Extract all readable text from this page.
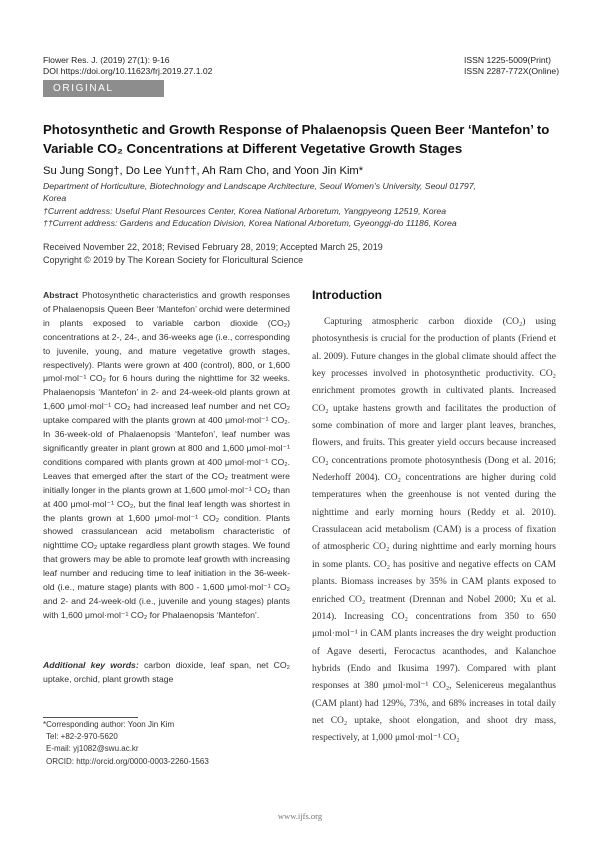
Flower Res. J. (2019) 27(1): 9-16
DOI https://doi.org/10.11623/frj.2019.27.1.02
ISSN 1225-5009(Print)
ISSN 2287-772X(Online)
ORIGINAL ARTICLE
Photosynthetic and Growth Response of Phalaenopsis Queen Beer ‘Mantefon’ to
Variable CO₂ Concentrations at Different Vegetative Growth Stages
Su Jung Song†, Do Lee Yun††, Ah Ram Cho, and Yoon Jin Kim*
Department of Horticulture, Biotechnology and Landscape Architecture, Seoul Women’s University, Seoul 01797,
Korea
†Current address: Useful Plant Resources Center, Korea National Arboretum, Yangpyeong 12519, Korea
††Current address: Gardens and Education Division, Korea National Arboretum, Gyeonggi-do 11186, Korea
Received November 22, 2018; Revised February 28, 2019; Accepted March 25, 2019
Copyright © 2019 by The Korean Society for Floricultural Science
Abstract Photosynthetic characteristics and growth responses of Phalaenopsis Queen Beer ‘Mantefon’ orchid were determined in plants exposed to variable carbon dioxide (CO₂) concentrations at 2-, 24-, and 36-weeks age (i.e., corresponding to juvenile, young, and mature vegetative growth stages, respectively). Plants were grown at 400 (control), 800, or 1,600 μmol·mol⁻¹ CO₂ for 6 hours during the nighttime for 32 weeks. Phalaenopsis ‘Mantefon’ in 2- and 24-week-old plants grown at 1,600 μmol·mol⁻¹ CO₂ had increased leaf number and net CO₂ uptake compared with the plants grown at 400 μmol·mol⁻¹ CO₂. In 36-week-old of Phalaenopsis ‘Mantefon’, leaf number was significantly greater in plant grown at 800 and 1,600 μmol·mol⁻¹ conditions compared with plants grown at 400 μmol·mol⁻¹ CO₂. Leaves that emerged after the start of the CO₂ treatment were initially longer in the plants grown at 1,600 μmol·mol⁻¹ CO₂ than at 400 μmol·mol⁻¹ CO₂, but the final leaf length was shortest in the plants grown at 1,600 μmol·mol⁻¹ CO₂ condition. Plants showed crassulancean acid metabolism characteristic of nighttime CO₂ uptake regardless plant growth stages. We found that growers may be able to promote leaf growth with increasing leaf number and reducing time to leaf initiation in the 36-week-old (i.e., mature stage) plants with 800 - 1,600 μmol·mol⁻¹ CO₂ and 2- and 24-week-old (i.e., juvenile and young stages) plants with 1,600 μmol·mol⁻¹ CO₂ for Phalaenopsis ‘Mantefon’.
Additional key words: carbon dioxide, leaf span, net CO₂ uptake, orchid, plant growth stage
*Corresponding author: Yoon Jin Kim
Tel: +82-2-970-5620
E-mail: yj1082@swu.ac.kr
ORCID: http://orcid.org/0000-0003-2260-1563
Introduction
Capturing atmospheric carbon dioxide (CO₂) using photosynthesis is crucial for the production of plants (Friend et al. 2009). Future changes in the global climate should affect the key processes involved in photosynthetic productivity. CO₂ enrichment promotes growth in cultivated plants. Increased CO₂ uptake hastens growth and facilitates the production of some combination of more and larger plant leaves, branches, flowers, and fruits. This greater yield occurs because increased CO₂ concentrations promote photosynthesis (Dong et al. 2016; Nederhoff 2004). CO₂ concentrations are higher during cold temperatures when the greenhouse is not vented during the nighttime and early morning hours (Reddy et al. 2010). Crassulacean acid metabolism (CAM) is a process of fixation of atmospheric CO₂ during nighttime and early morning hours in some plants. CO₂ has positive and negative effects on CAM plants. Biomass increases by 35% in CAM plants exposed to enriched CO₂ treatment (Drennan and Nobel 2000; Xu et al. 2014). Increasing CO₂ concentrations from 350 to 650 μmol·mol⁻¹ in CAM plants increases the dry weight production of Agave deserti, Ferocactus acanthodes, and Kalanchoe hybrids (Endo and Ikusima 1997). Compared with plant responses at 380 μmol·mol⁻¹ CO₂, Selenicereus megalanthus (CAM plant) had 129%, 73%, and 68% increases in total daily net CO₂ uptake, shoot elongation, and shoot dry mass, respectively, at 1,000 μmol·mol⁻¹ CO₂
www.ijfs.org
